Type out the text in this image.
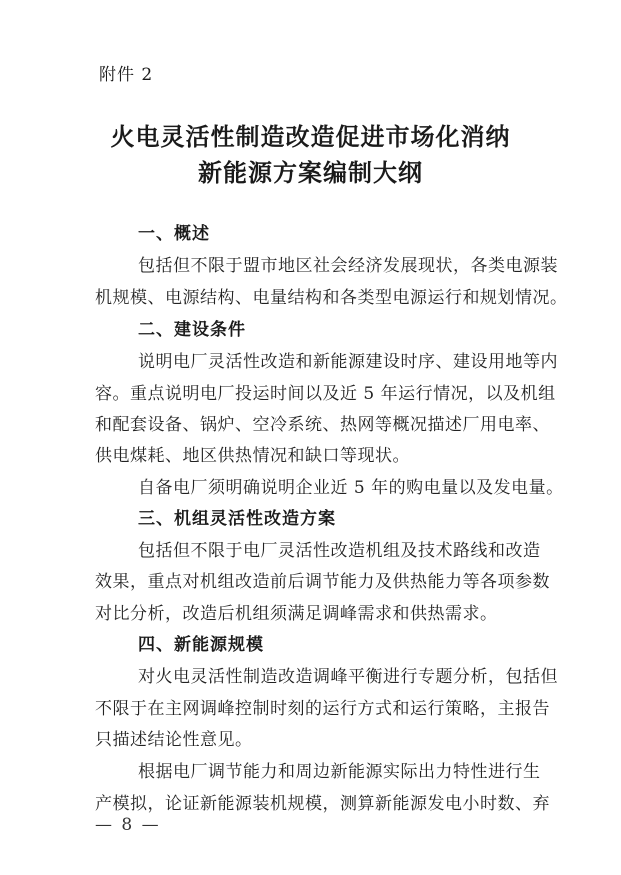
附件 2
火电灵活性制造改造促进市场化消纳
新能源方案编制大纲
一、概述
包括但不限于盟市地区社会经济发展现状，各类电源装
机规模、电源结构、电量结构和各类型电源运行和规划情况。
二、建设条件
说明电厂灵活性改造和新能源建设时序、建设用地等内
容。重点说明电厂投运时间以及近 5 年运行情况，以及机组
和配套设备、锅炉、空冷系统、热网等概况描述厂用电率、
供电煤耗、地区供热情况和缺口等现状。
自备电厂须明确说明企业近 5 年的购电量以及发电量。
三、机组灵活性改造方案
包括但不限于电厂灵活性改造机组及技术路线和改造
效果，重点对机组改造前后调节能力及供热能力等各项参数
对比分析，改造后机组须满足调峰需求和供热需求。
四、新能源规模
对火电灵活性制造改造调峰平衡进行专题分析，包括但
不限于在主网调峰控制时刻的运行方式和运行策略，主报告
只描述结论性意见。
根据电厂调节能力和周边新能源实际出力特性进行生
产模拟，论证新能源装机规模，测算新能源发电小时数、弃
— 8 —
